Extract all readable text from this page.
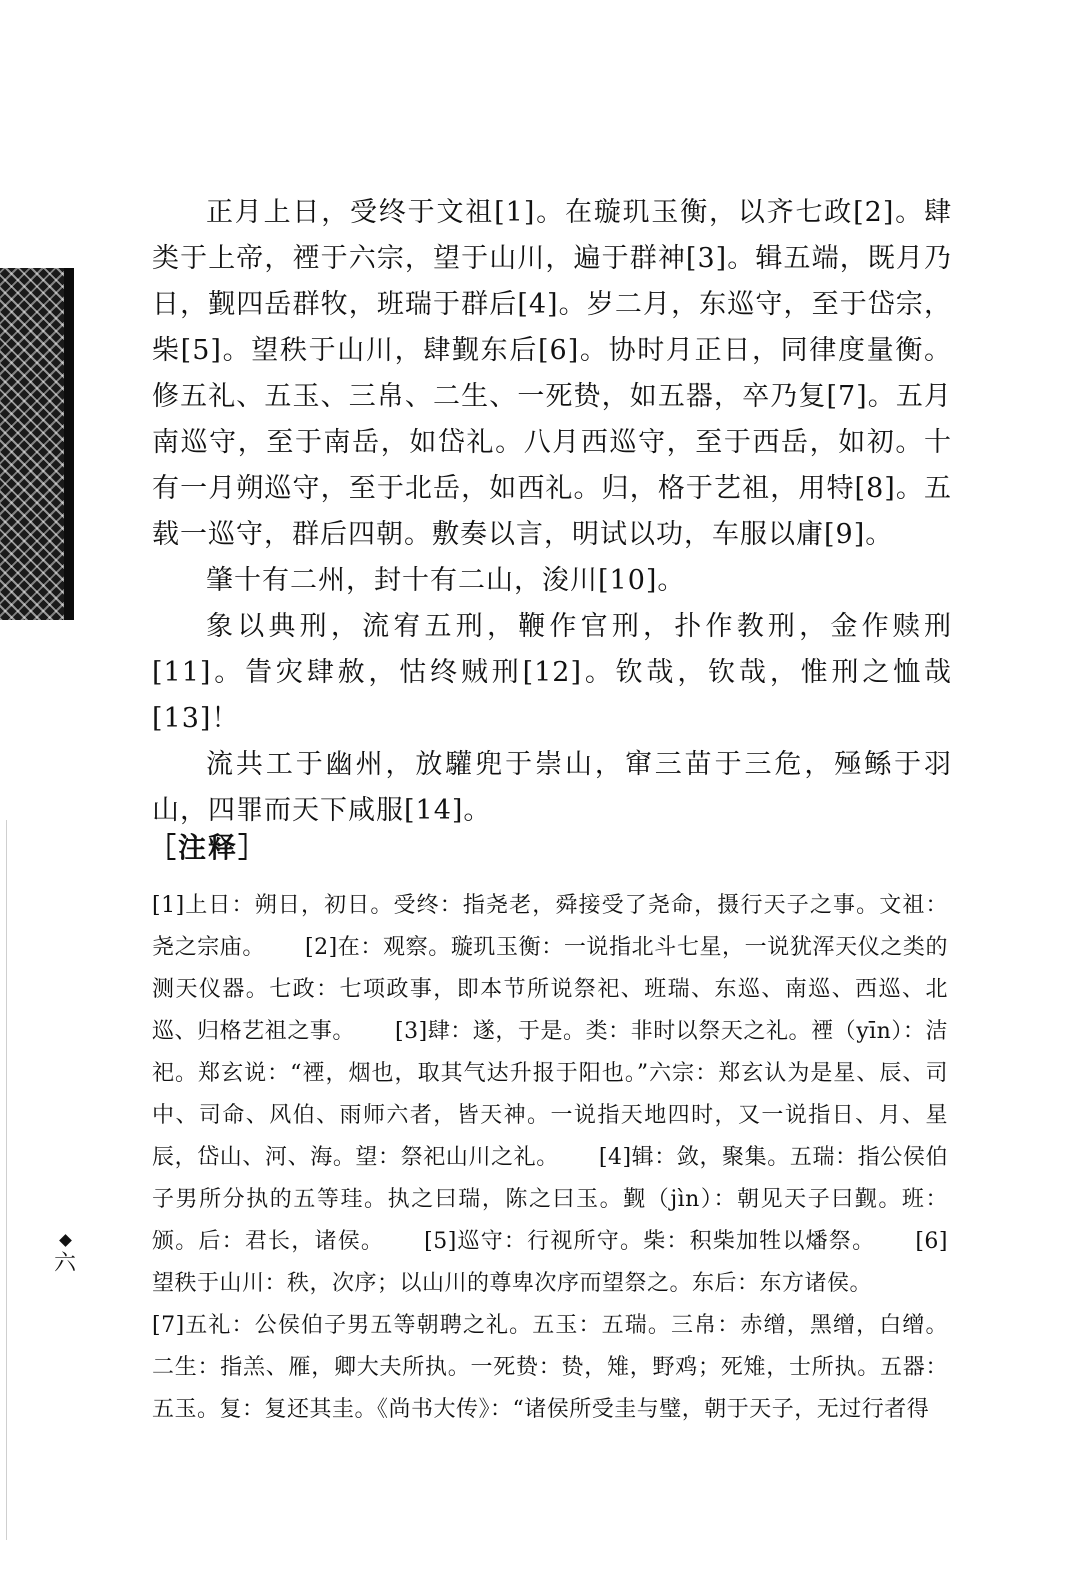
正月上日，受终于文祖[1]。在璇玑玉衡，以齐七政[2]。肆类于上帝，禋于六宗，望于山川，遍于群神[3]。辑五端，既月乃日，觐四岳群牧，班瑞于群后[4]。岁二月，东巡守，至于岱宗，柴[5]。望秩于山川，肆觐东后[6]。协时月正日，同律度量衡。修五礼、五玉、三帛、二生、一死贽，如五器，卒乃复[7]。五月南巡守，至于南岳，如岱礼。八月西巡守，至于西岳，如初。十有一月朔巡守，至于北岳，如西礼。归，格于艺祖，用特[8]。五载一巡守，群后四朝。敷奏以言，明试以功，车服以庸[9]。

肇十有二州，封十有二山，浚川[10]。

象以典刑，流宥五刑，鞭作官刑，扑作教刑，金作赎刑[11]。眚灾肆赦，怙终贼刑[12]。钦哉，钦哉，惟刑之恤哉[13]！

流共工于幽州，放驩兜于崇山，窜三苗于三危，殛鲧于羽山，四罪而天下咸服[14]。

［注释］

[1]上日：朔日，初日。受终：指尧老，舜接受了尧命，摄行天子之事。文祖：尧之宗庙。 [2]在：观察。璇玑玉衡：一说指北斗七星，一说犹浑天仪之类的测天仪器。七政：七项政事，即本节所说祭祀、班瑞、东巡、南巡、西巡、北巡、归格艺祖之事。 [3]肆：遂，于是。类：非时以祭天之礼。禋（yīn）：洁祀。郑玄说：“禋，烟也，取其气达升报于阳也。”六宗：郑玄认为是星、辰、司中、司命、风伯、雨师六者，皆天神。一说指天地四时，又一说指日、月、星辰，岱山、河、海。望：祭祀山川之礼。 [4]辑：敛，聚集。五瑞：指公侯伯子男所分执的五等珪。执之曰瑞，陈之曰玉。觐（jìn）：朝见天子曰觐。班：颁。后：君长，诸侯。 [5]巡守：行视所守。柴：积柴加牲以燔祭。 [6]望秩于山川：秩，次序；以山川的尊卑次序而望祭之。东后：东方诸侯。

[7]五礼：公侯伯子男五等朝聘之礼。五玉：五瑞。三帛：赤缯，黑缯，白缯。二生：指羔、雁，卿大夫所执。一死贽：贽，雉，野鸡；死雉，士所执。五器：五玉。复：复还其圭。《尚书大传》：“诸侯所受圭与璧，朝于天子，无过行者得

六
